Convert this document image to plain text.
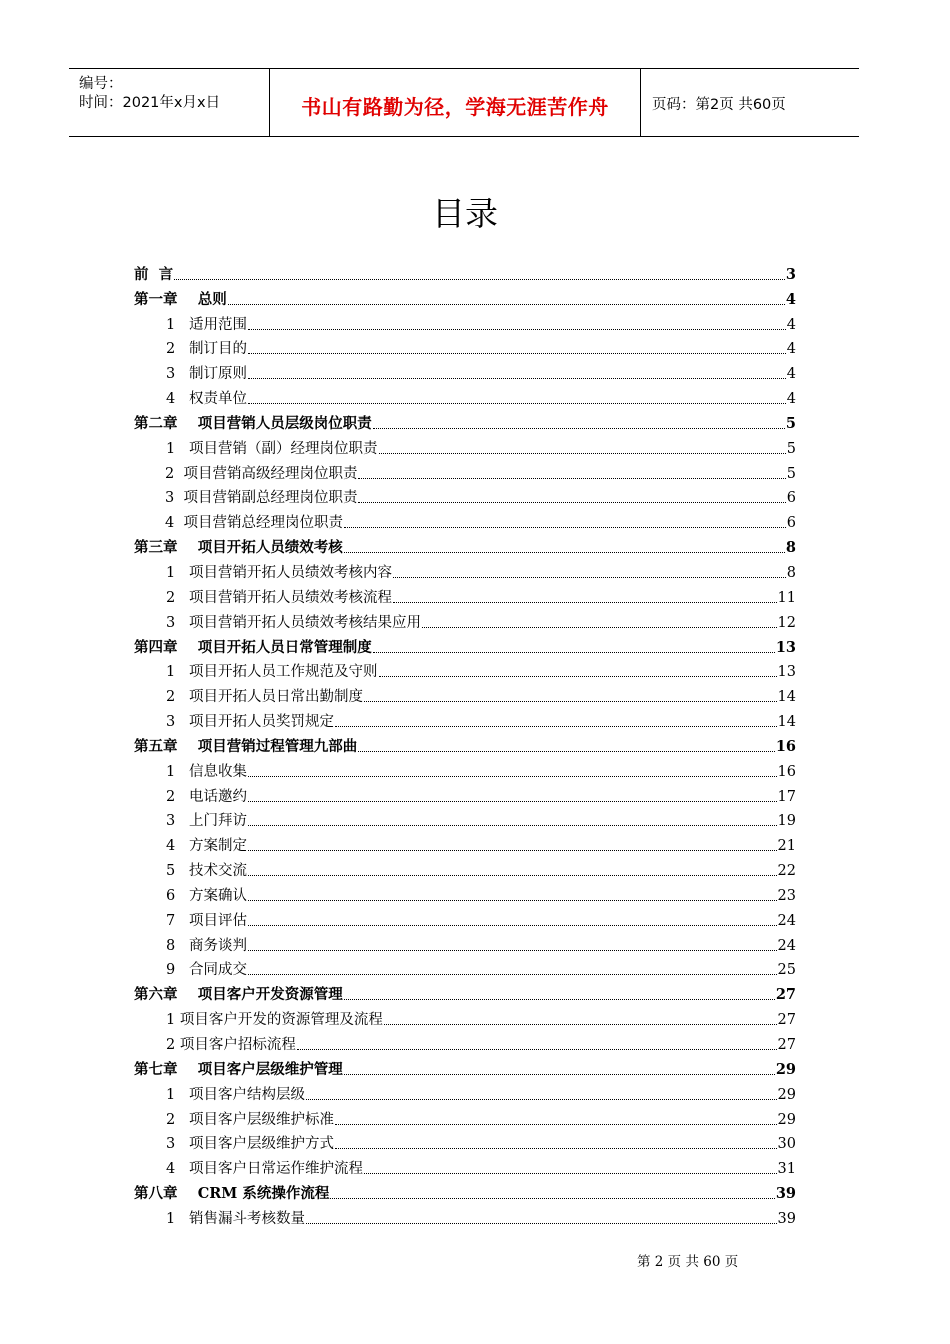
编号：
时间：2021年x月x日	书山有路勤为径，学海无涯苦作舟	页码：第2页 共60页
目录
前  言	3
第一章    总则	4
1   适用范围	4
2   制订目的	4
3   制订原则	4
4   权责单位	4
第二章    项目营销人员层级岗位职责	5
1   项目营销（副）经理岗位职责	5
2  项目营销高级经理岗位职责	5
3  项目营销副总经理岗位职责	6
4  项目营销总经理岗位职责	6
第三章    项目开拓人员绩效考核	8
1   项目营销开拓人员绩效考核内容	8
2   项目营销开拓人员绩效考核流程	11
3   项目营销开拓人员绩效考核结果应用	12
第四章    项目开拓人员日常管理制度	13
1   项目开拓人员工作规范及守则	13
2   项目开拓人员日常出勤制度	14
3   项目开拓人员奖罚规定	14
第五章    项目营销过程管理九部曲	16
1   信息收集	16
2   电话邀约	17
3   上门拜访	19
4   方案制定	21
5   技术交流	22
6   方案确认	23
7   项目评估	24
8   商务谈判	24
9   合同成交	25
第六章    项目客户开发资源管理	27
1 项目客户开发的资源管理及流程	27
2 项目客户招标流程	27
第七章    项目客户层级维护管理	29
1   项目客户结构层级	29
2   项目客户层级维护标准	29
3   项目客户层级维护方式	30
4   项目客户日常运作维护流程	31
第八章    CRM 系统操作流程	39
1   销售漏斗考核数量	39
第 2 页 共 60 页
